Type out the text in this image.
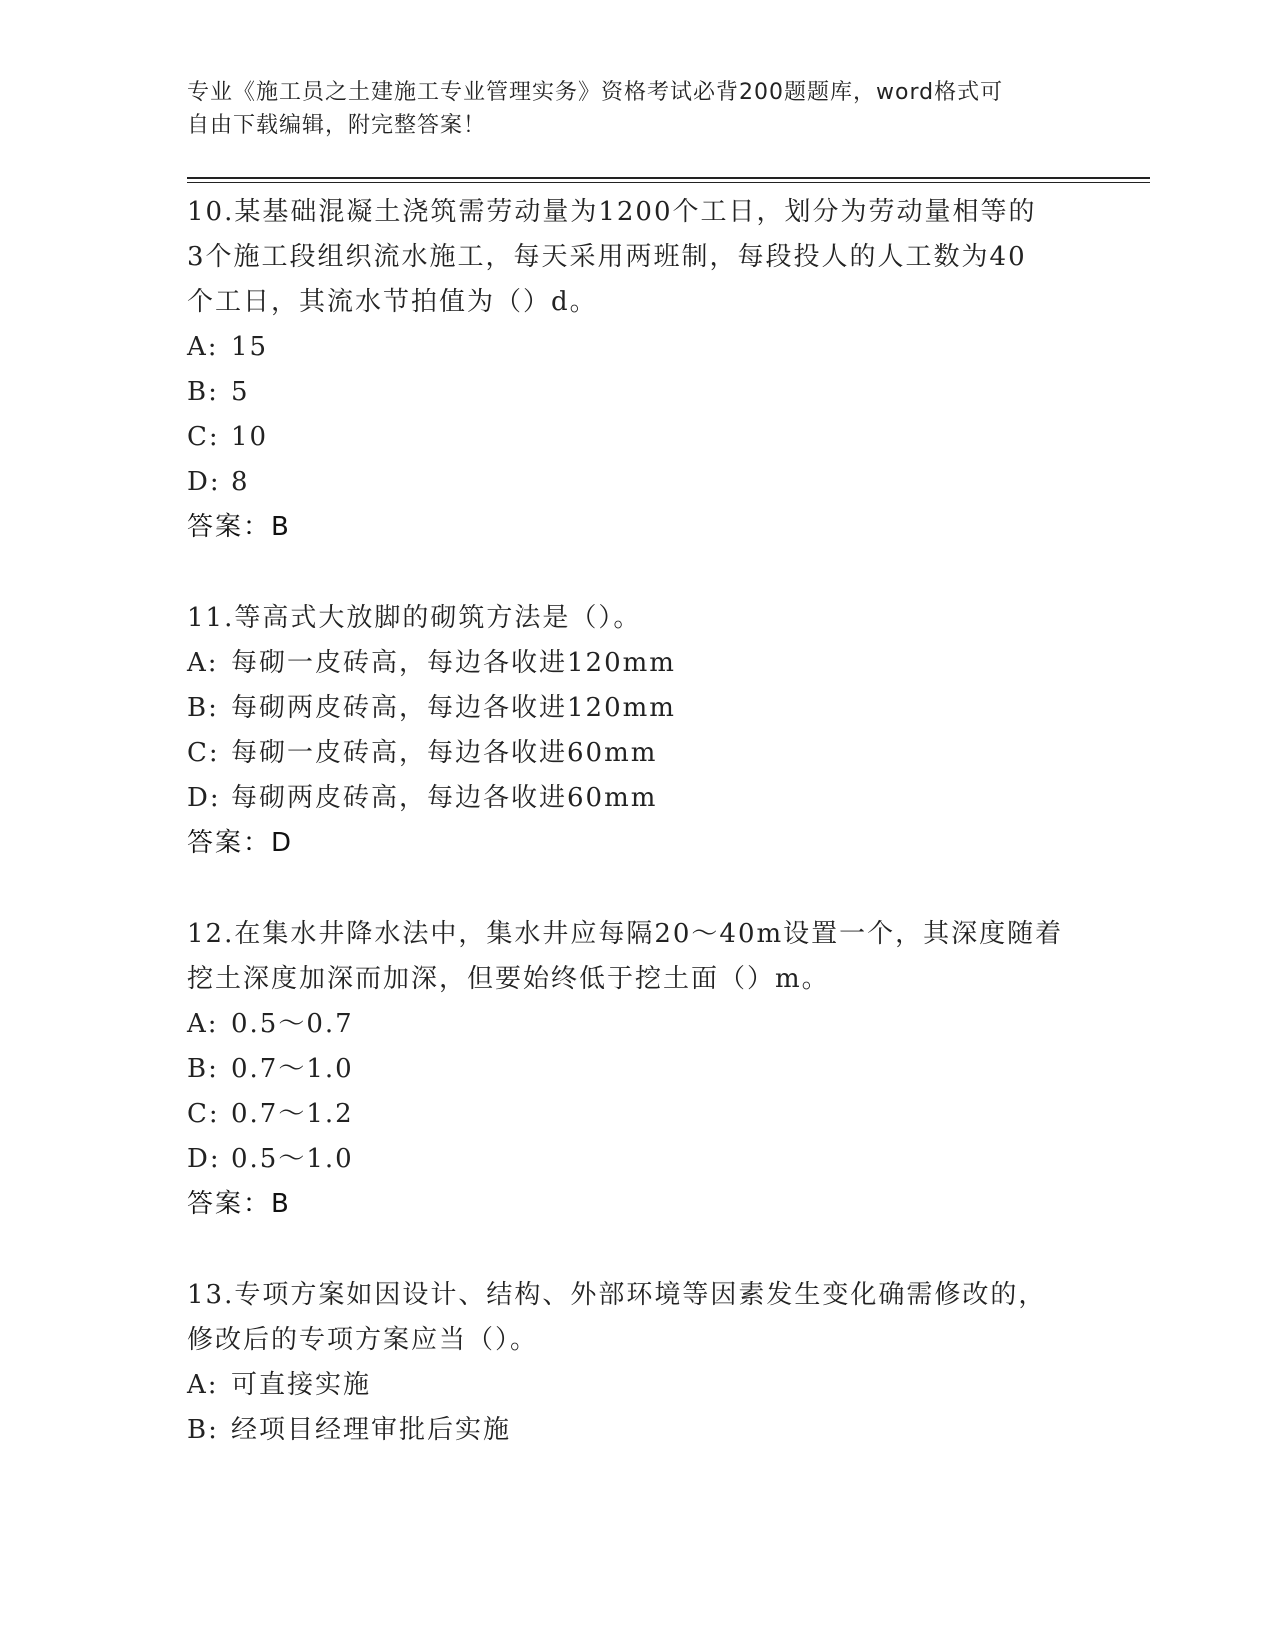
专业《施工员之土建施工专业管理实务》资格考试必背200题题库，word格式可
自由下载编辑，附完整答案！
10.某基础混凝土浇筑需劳动量为1200个工日，划分为劳动量相等的
3个施工段组织流水施工，每天采用两班制，每段投人的人工数为40
个工日，其流水节拍值为（）d。
A: 15
B: 5
C: 10
D: 8
答案：B
11.等高式大放脚的砌筑方法是（）。
A: 每砌一皮砖高，每边各收进120mm
B: 每砌两皮砖高，每边各收进120mm
C: 每砌一皮砖高，每边各收进60mm
D: 每砌两皮砖高，每边各收进60mm
答案：D
12.在集水井降水法中，集水井应每隔20～40m设置一个，其深度随着
挖土深度加深而加深，但要始终低于挖土面（）m。
A: 0.5～0.7
B: 0.7～1.0
C: 0.7～1.2
D: 0.5～1.0
答案：B
13.专项方案如因设计、结构、外部环境等因素发生变化确需修改的，
修改后的专项方案应当（）。
A: 可直接实施
B: 经项目经理审批后实施
